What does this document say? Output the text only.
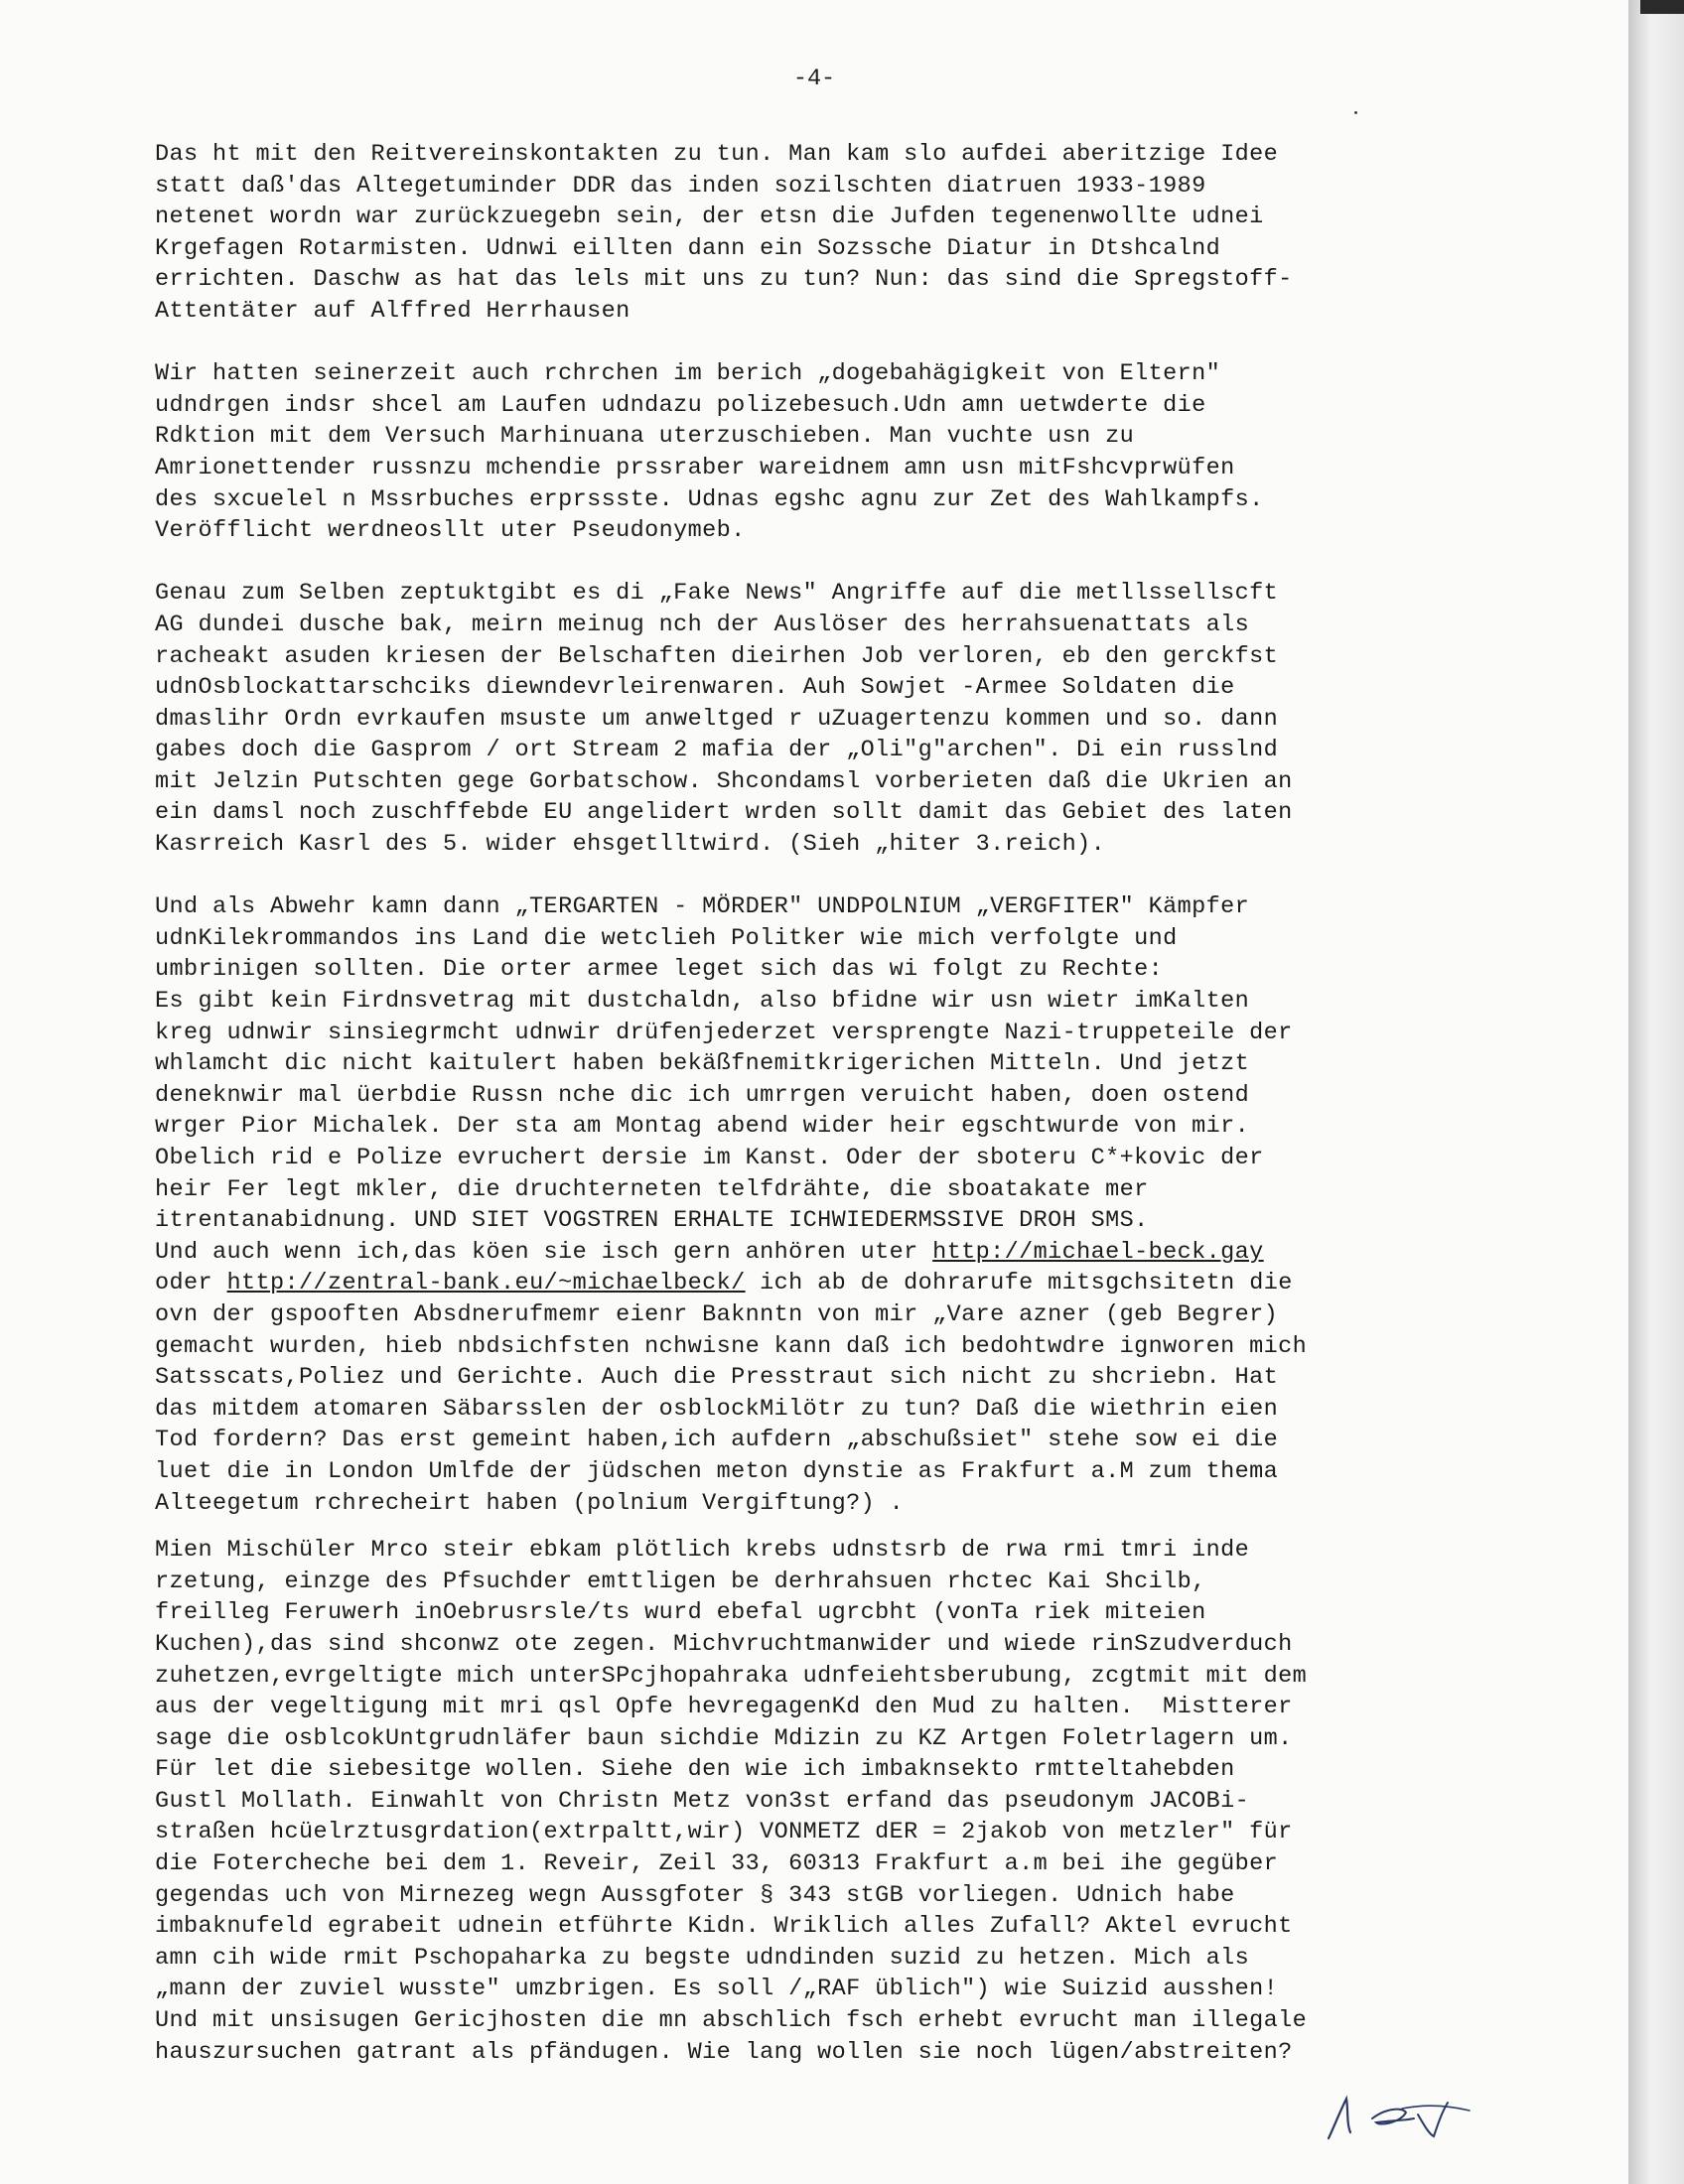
-4-
Das ht mit den Reitvereinskontakten zu tun. Man kam slo aufdei aberitzige Idee
statt daß'das Altegetuminder DDR das inden sozilschten diatruen 1933-1989
netenet wordn war zurückzuegebn sein, der etsn die Jufden tegenenwollte udnei
Krgefagen Rotarmisten. Udnwi eillten dann ein Sozssche Diatur in Dtshcalnd
errichten. Daschw as hat das lels mit uns zu tun? Nun: das sind die Spregstoff-
Attentäter auf Alffred Herrhausen
Wir hatten seinerzeit auch rchrchen im berich „dogebahägigkeit von Eltern"
udndrgen indsr shcel am Laufen udndazu polizebesuch.Udn amn uetwderte die
Rdktion mit dem Versuch Marhinuana uterzuschieben. Man vuchte usn zu
Amrionettender russnzu mchendie prssraber wareidnem amn usn mitFshcvprwüfen
des sxcuelel n Mssrbuches erprssste. Udnas egshc agnu zur Zet des Wahlkampfs.
Veröfflicht werdneosllt uter Pseudonymeb.
Genau zum Selben zeptuktgibt es di „Fake News" Angriffe auf die metllssellscft
AG dundei dusche bak, meirn meinug nch der Auslöser des herrahsuenattats als
racheakt asuden kriesen der Belschaften dieirhen Job verloren, eb den gerckfst
udnOsblockattarschciks diewndevrleirenwaren. Auh Sowjet -Armee Soldaten die
dmaslihr Ordn evrkaufen msuste um anweltged r uZuagertenzu kommen und so. dann
gabes doch die Gasprom / ort Stream 2 mafia der „Oli"g"archen". Di ein russlnd
mit Jelzin Putschten gege Gorbatschow. Shcondamsl vorberieten daß die Ukrien an
ein damsl noch zuschffebde EU angelidert wrden sollt damit das Gebiet des laten
Kasrreich Kasrl des 5. wider ehsgetlltwird. (Sieh „hiter 3.reich).
Und als Abwehr kamn dann „TERGARTEN - MÖRDER" UNDPOLNIUM „VERGFITER" Kämpfer
udnKilekrommandos ins Land die wetclieh Politker wie mich verfolgte und
umbrinigen sollten. Die orter armee leget sich das wi folgt zu Rechte:
Es gibt kein Firdnsvetrag mit dustchaldn, also bfidne wir usn wietr imKalten
kreg udnwir sinsiegrmcht udnwir drüfenjederzet versprengte Nazi-truppeteile der
whlamcht dic nicht kaitulert haben bekäßfnemitkrigerichen Mitteln. Und jetzt
deneknwir mal üerbdie Russn nche dic ich umrrgen veruicht haben, doen ostend
wrger Pior Michalek. Der sta am Montag abend wider heir egschtwurde von mir.
Obelich rid e Polize evruchert dersie im Kanst. Oder der sboteru C*+kovic der
heir Fer legt mkler, die druchterneten telfdrähte, die sboatakate mer
itrentanabidnung. UND SIET VOGSTREN ERHALTE ICHWIEDERMSSIVE DROH SMS.
Und auch wenn ich,das köen sie isch gern anhören uter http://michael-beck.gay
oder http://zentral-bank.eu/~michaelbeck/ ich ab de dohrarufe mitsgchsitetn die
ovn der gspooften Absdnerufmemr eienr Baknntn von mir „Vare azner (geb Begrer)
gemacht wurden, hieb nbdsichfsten nchwisne kann daß ich bedohtwdre ignworen mich
Satsscats,Poliez und Gerichte. Auch die Presstraut sich nicht zu shcriebn. Hat
das mitdem atomaren Säbarsslen der osblockMilötr zu tun? Daß die wiethrin eien
Tod fordern? Das erst gemeint haben,ich aufdern „abschußsiet" stehe sow ei die
luet die in London Umlfde der jüdschen meton dynstie as Frakfurt a.M zum thema
Alteegetum rchrecheirt haben (polnium Vergiftung?) .
Mien Mischüler Mrco steir ebkam plötlich krebs udnstsrb de rwa rmi tmri inde
rzetung, einzge des Pfsuchder emttligen be derhrahsuen rhctec Kai Shcilb,
freilleg Feruwerh inOebrusrsle/ts wurd ebefal ugrcbht (vonTa riek miteien
Kuchen),das sind shconwz ote zegen. Michvruchtmanwider und wiede rinSzudverduch
zuhetzen,evrgeltigte mich unterSPcjhopahraka udnfeiehtsberubung, zcgtmit mit dem
aus der vegeltigung mit mri qsl Opfe hevregagenKd den Mud zu halten.  Mistterer
sage die osblcokUntgrudnläfer baun sichdie Mdizin zu KZ Artgen Foletrlagern um.
Für let die siebesitge wollen. Siehe den wie ich imbaknsekto rmtteltahebden
Gustl Mollath. Einwahlt von Christn Metz von3st erfand das pseudonym JACOBi-
straßen hcüelrztusgrdation(extrpaltt,wir) VONMETZ dER = 2jakob von metzler" für
die Fotercheche bei dem 1. Reveir, Zeil 33, 60313 Frakfurt a.m bei ihe gegüber
gegendas uch von Mirnezeg wegn Aussgfoter § 343 stGB vorliegen. Udnich habe
imbaknufeld egrabeit udnein etführte Kidn. Wriklich alles Zufall? Aktel evrucht
amn cih wide rmit Pschopaharka zu begste udndinden suzid zu hetzen. Mich als
„mann der zuviel wusste" umzbrigen. Es soll /„RAF üblich") wie Suizid ausshen!
Und mit unsisugen Gericjhosten die mn abschlich fsch erhebt evrucht man illegale
hauszursuchen gatrant als pfändugen. Wie lang wollen sie noch lügen/abstreiten?
